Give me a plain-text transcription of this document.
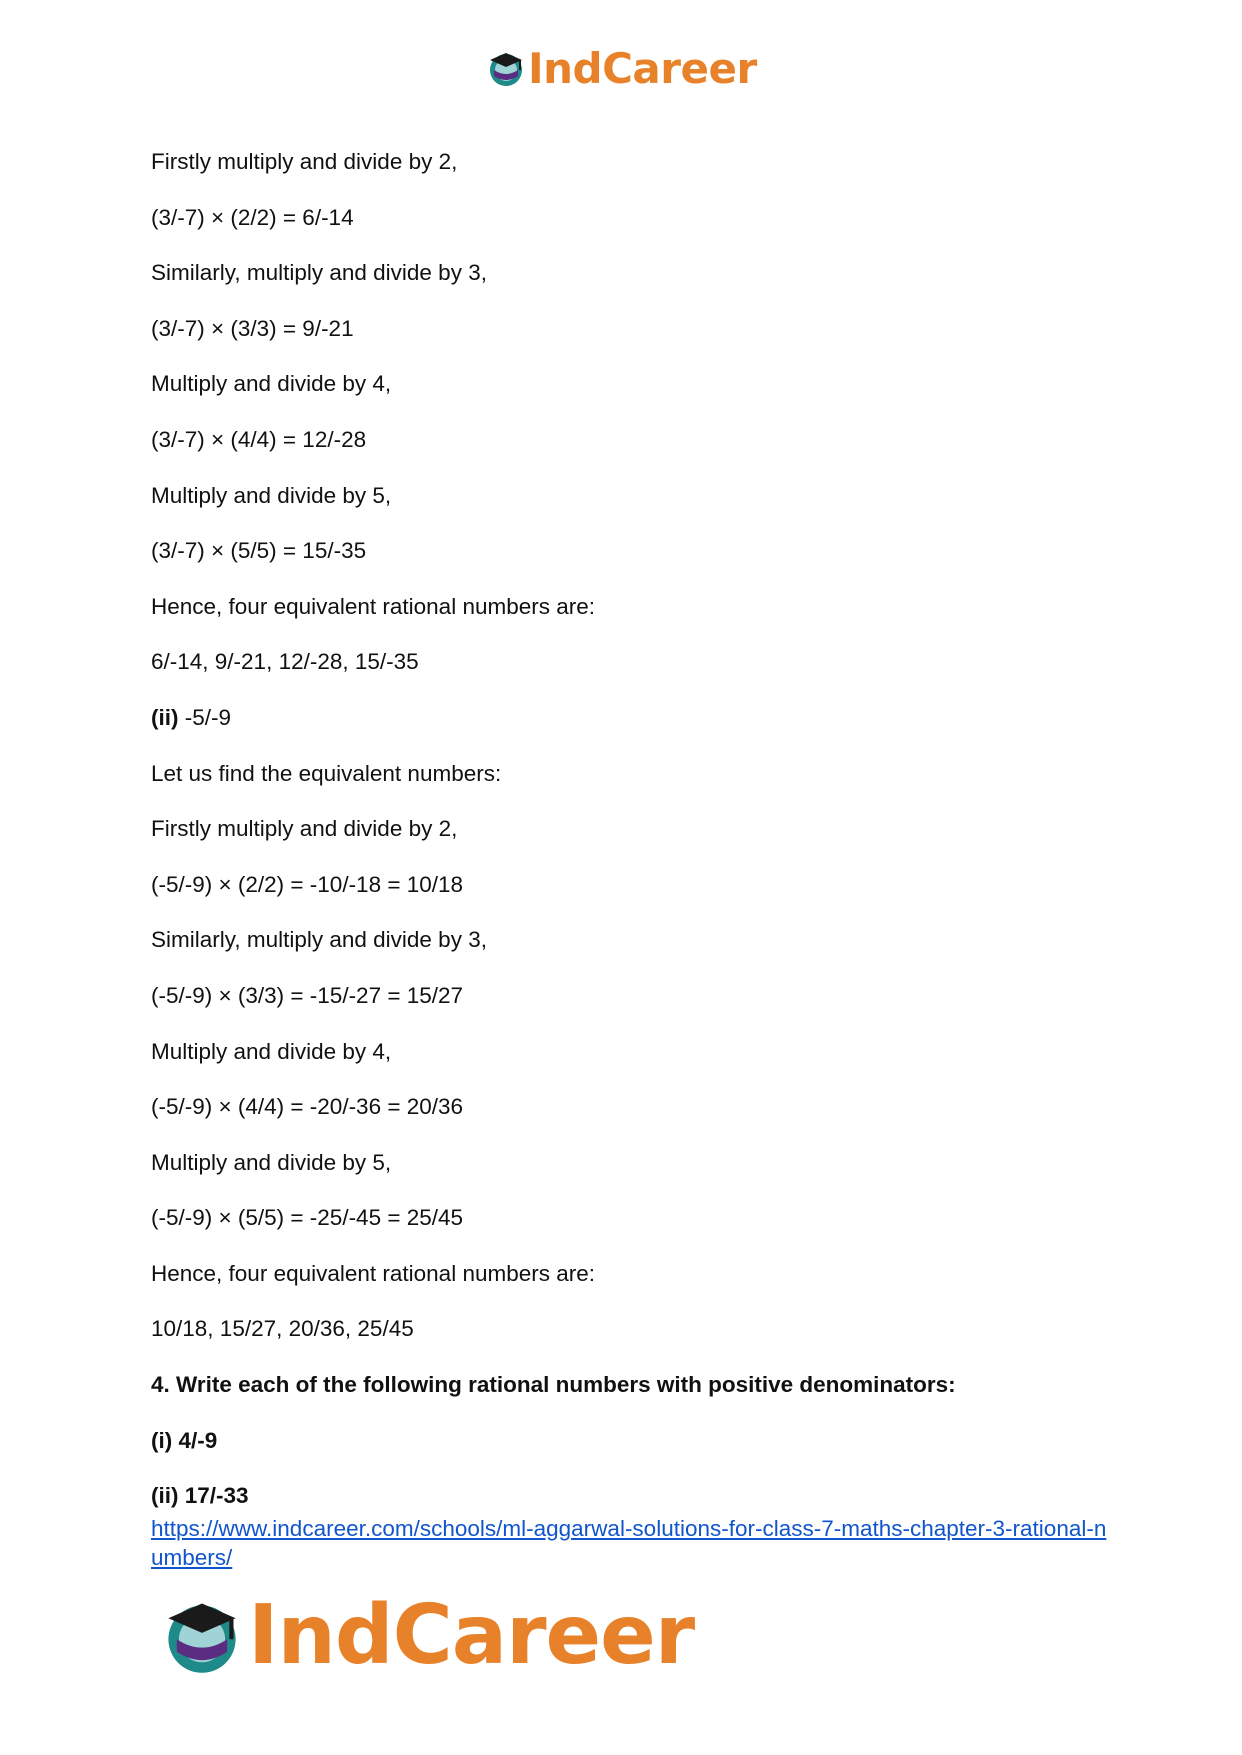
IndCareer
Firstly multiply and divide by 2,
(3/-7) × (2/2) = 6/-14
Similarly, multiply and divide by 3,
(3/-7) × (3/3) = 9/-21
Multiply and divide by 4,
(3/-7) × (4/4) = 12/-28
Multiply and divide by 5,
(3/-7) × (5/5) = 15/-35
Hence, four equivalent rational numbers are:
6/-14, 9/-21, 12/-28, 15/-35
(ii) -5/-9
Let us find the equivalent numbers:
Firstly multiply and divide by 2,
(-5/-9) × (2/2) = -10/-18 = 10/18
Similarly, multiply and divide by 3,
(-5/-9) × (3/3) = -15/-27 = 15/27
Multiply and divide by 4,
(-5/-9) × (4/4) = -20/-36 = 20/36
Multiply and divide by 5,
(-5/-9) × (5/5) = -25/-45 = 25/45
Hence, four equivalent rational numbers are:
10/18, 15/27, 20/36, 25/45
4. Write each of the following rational numbers with positive denominators:
(i) 4/-9
(ii) 17/-33
https://www.indcareer.com/schools/ml-aggarwal-solutions-for-class-7-maths-chapter-3-rational-numbers/
IndCareer
